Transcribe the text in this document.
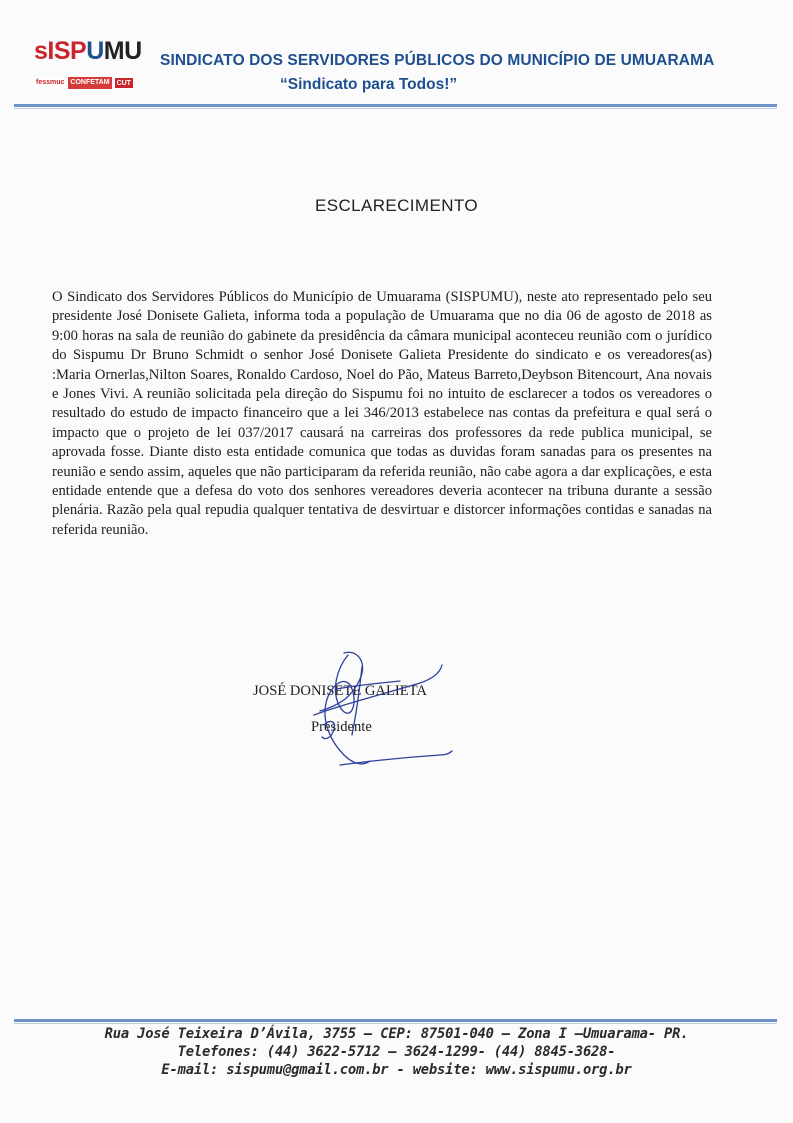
sISPUMU
fessmuc CONFETAM	CUT
SINDICATO DOS SERVIDORES PÚBLICOS DO MUNICÍPIO DE UMUARAMA
“Sindicato para Todos!”
ESCLARECIMENTO
O Sindicato dos Servidores Públicos do Município de Umuarama (SISPUMU), neste ato representado pelo seu presidente José Donisete Galieta, informa toda a população de Umuarama que no dia 06 de agosto de 2018 as 9:00 horas na sala de reunião do gabinete da presidência da câmara municipal aconteceu reunião com o jurídico do Sispumu Dr Bruno Schmidt o senhor José Donisete Galieta Presidente do sindicato e os vereadores(as) :Maria Ornerlas,Nilton Soares, Ronaldo Cardoso, Noel do Pão, Mateus Barreto,Deybson Bitencourt, Ana novais e Jones Vivi. A reunião solicitada pela direção do Sispumu foi no intuito de esclarecer a todos os vereadores o resultado do estudo de impacto financeiro que a lei 346/2013 estabelece nas contas da prefeitura e qual será o impacto que o projeto de lei 037/2017 causará na carreiras dos professores da rede publica municipal, se aprovada fosse. Diante disto esta entidade comunica que todas as duvidas foram sanadas para os presentes na reunião e sendo assim, aqueles que não participaram da referida reunião, não cabe agora a dar explicações, e esta entidade entende que a defesa do voto dos senhores vereadores deveria acontecer na tribuna durante a sessão plenária. Razão pela qual repudia qualquer tentativa de desvirtuar e distorcer informações contidas e sanadas na referida reunião.
JOSÉ DONISETE GALIETA
Presidente
Rua José Teixeira D’Ávila, 3755 – CEP: 87501-040 – Zona I –Umuarama- PR.
Telefones: (44) 3622-5712 – 3624-1299- (44) 8845-3628-
E-mail: sispumu@gmail.com.br - website: www.sispumu.org.br
